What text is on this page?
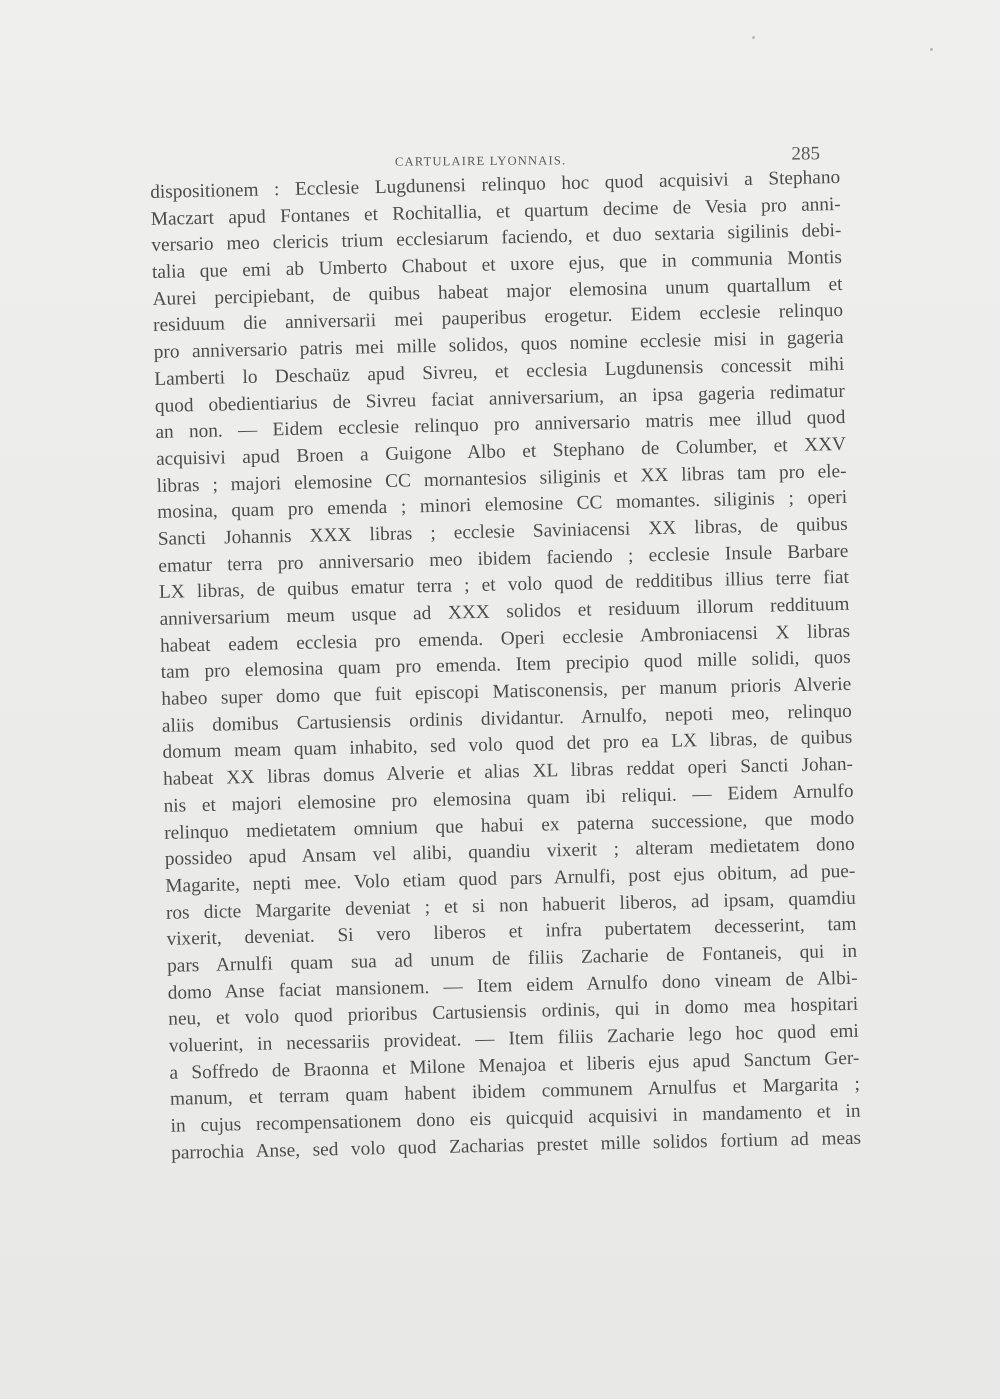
CARTULAIRE LYONNAIS.	285
dispositionem : Ecclesie Lugdunensi relinquo hoc quod acquisivi a Stephano
Maczart apud Fontanes et Rochitallia, et quartum decime de Vesia pro anni-
versario meo clericis trium ecclesiarum faciendo, et duo sextaria sigilinis debi-
talia que emi ab Umberto Chabout et uxore ejus, que in communia Montis
Aurei percipiebant, de quibus habeat major elemosina unum quartallum et
residuum die anniversarii mei pauperibus erogetur. Eidem ecclesie relinquo
pro anniversario patris mei mille solidos, quos nomine ecclesie misi in gageria
Lamberti lo Deschaüz apud Sivreu, et ecclesia Lugdunensis concessit mihi
quod obedientiarius de Sivreu faciat anniversarium, an ipsa gageria redimatur
an non. — Eidem ecclesie relinquo pro anniversario matris mee illud quod
acquisivi apud Broen a Guigone Albo et Stephano de Columber, et XXV
libras ; majori elemosine CC mornantesios siliginis et XX libras tam pro ele-
mosina, quam pro emenda ; minori elemosine CC momantes. siliginis ; operi
Sancti Johannis XXX libras ; ecclesie Saviniacensi XX libras, de quibus
ematur terra pro anniversario meo ibidem faciendo ; ecclesie Insule Barbare
LX libras, de quibus ematur terra ; et volo quod de redditibus illius terre fiat
anniversarium meum usque ad XXX solidos et residuum illorum reddituum
habeat eadem ecclesia pro emenda. Operi ecclesie Ambroniacensi X libras
tam pro elemosina quam pro emenda. Item precipio quod mille solidi, quos
habeo super domo que fuit episcopi Matisconensis, per manum prioris Alverie
aliis domibus Cartusiensis ordinis dividantur. Arnulfo, nepoti meo, relinquo
domum meam quam inhabito, sed volo quod det pro ea LX libras, de quibus
habeat XX libras domus Alverie et alias XL libras reddat operi Sancti Johan-
nis et majori elemosine pro elemosina quam ibi reliqui. — Eidem Arnulfo
relinquo medietatem omnium que habui ex paterna successione, que modo
possideo apud Ansam vel alibi, quandiu vixerit ; alteram medietatem dono
Magarite, nepti mee. Volo etiam quod pars Arnulfi, post ejus obitum, ad pue-
ros dicte Margarite deveniat ; et si non habuerit liberos, ad ipsam, quamdiu
vixerit, deveniat. Si vero liberos et infra pubertatem decesserint, tam
pars Arnulfi quam sua ad unum de filiis Zacharie de Fontaneis, qui in
domo Anse faciat mansionem. — Item eidem Arnulfo dono vineam de Albi-
neu, et volo quod prioribus Cartusiensis ordinis, qui in domo mea hospitari
voluerint, in necessariis provideat. — Item filiis Zacharie lego hoc quod emi
a Soffredo de Braonna et Milone Menajoa et liberis ejus apud Sanctum Ger-
manum, et terram quam habent ibidem communem Arnulfus et Margarita ;
in cujus recompensationem dono eis quicquid acquisivi in mandamento et in
parrochia Anse, sed volo quod Zacharias prestet mille solidos fortium ad meas
